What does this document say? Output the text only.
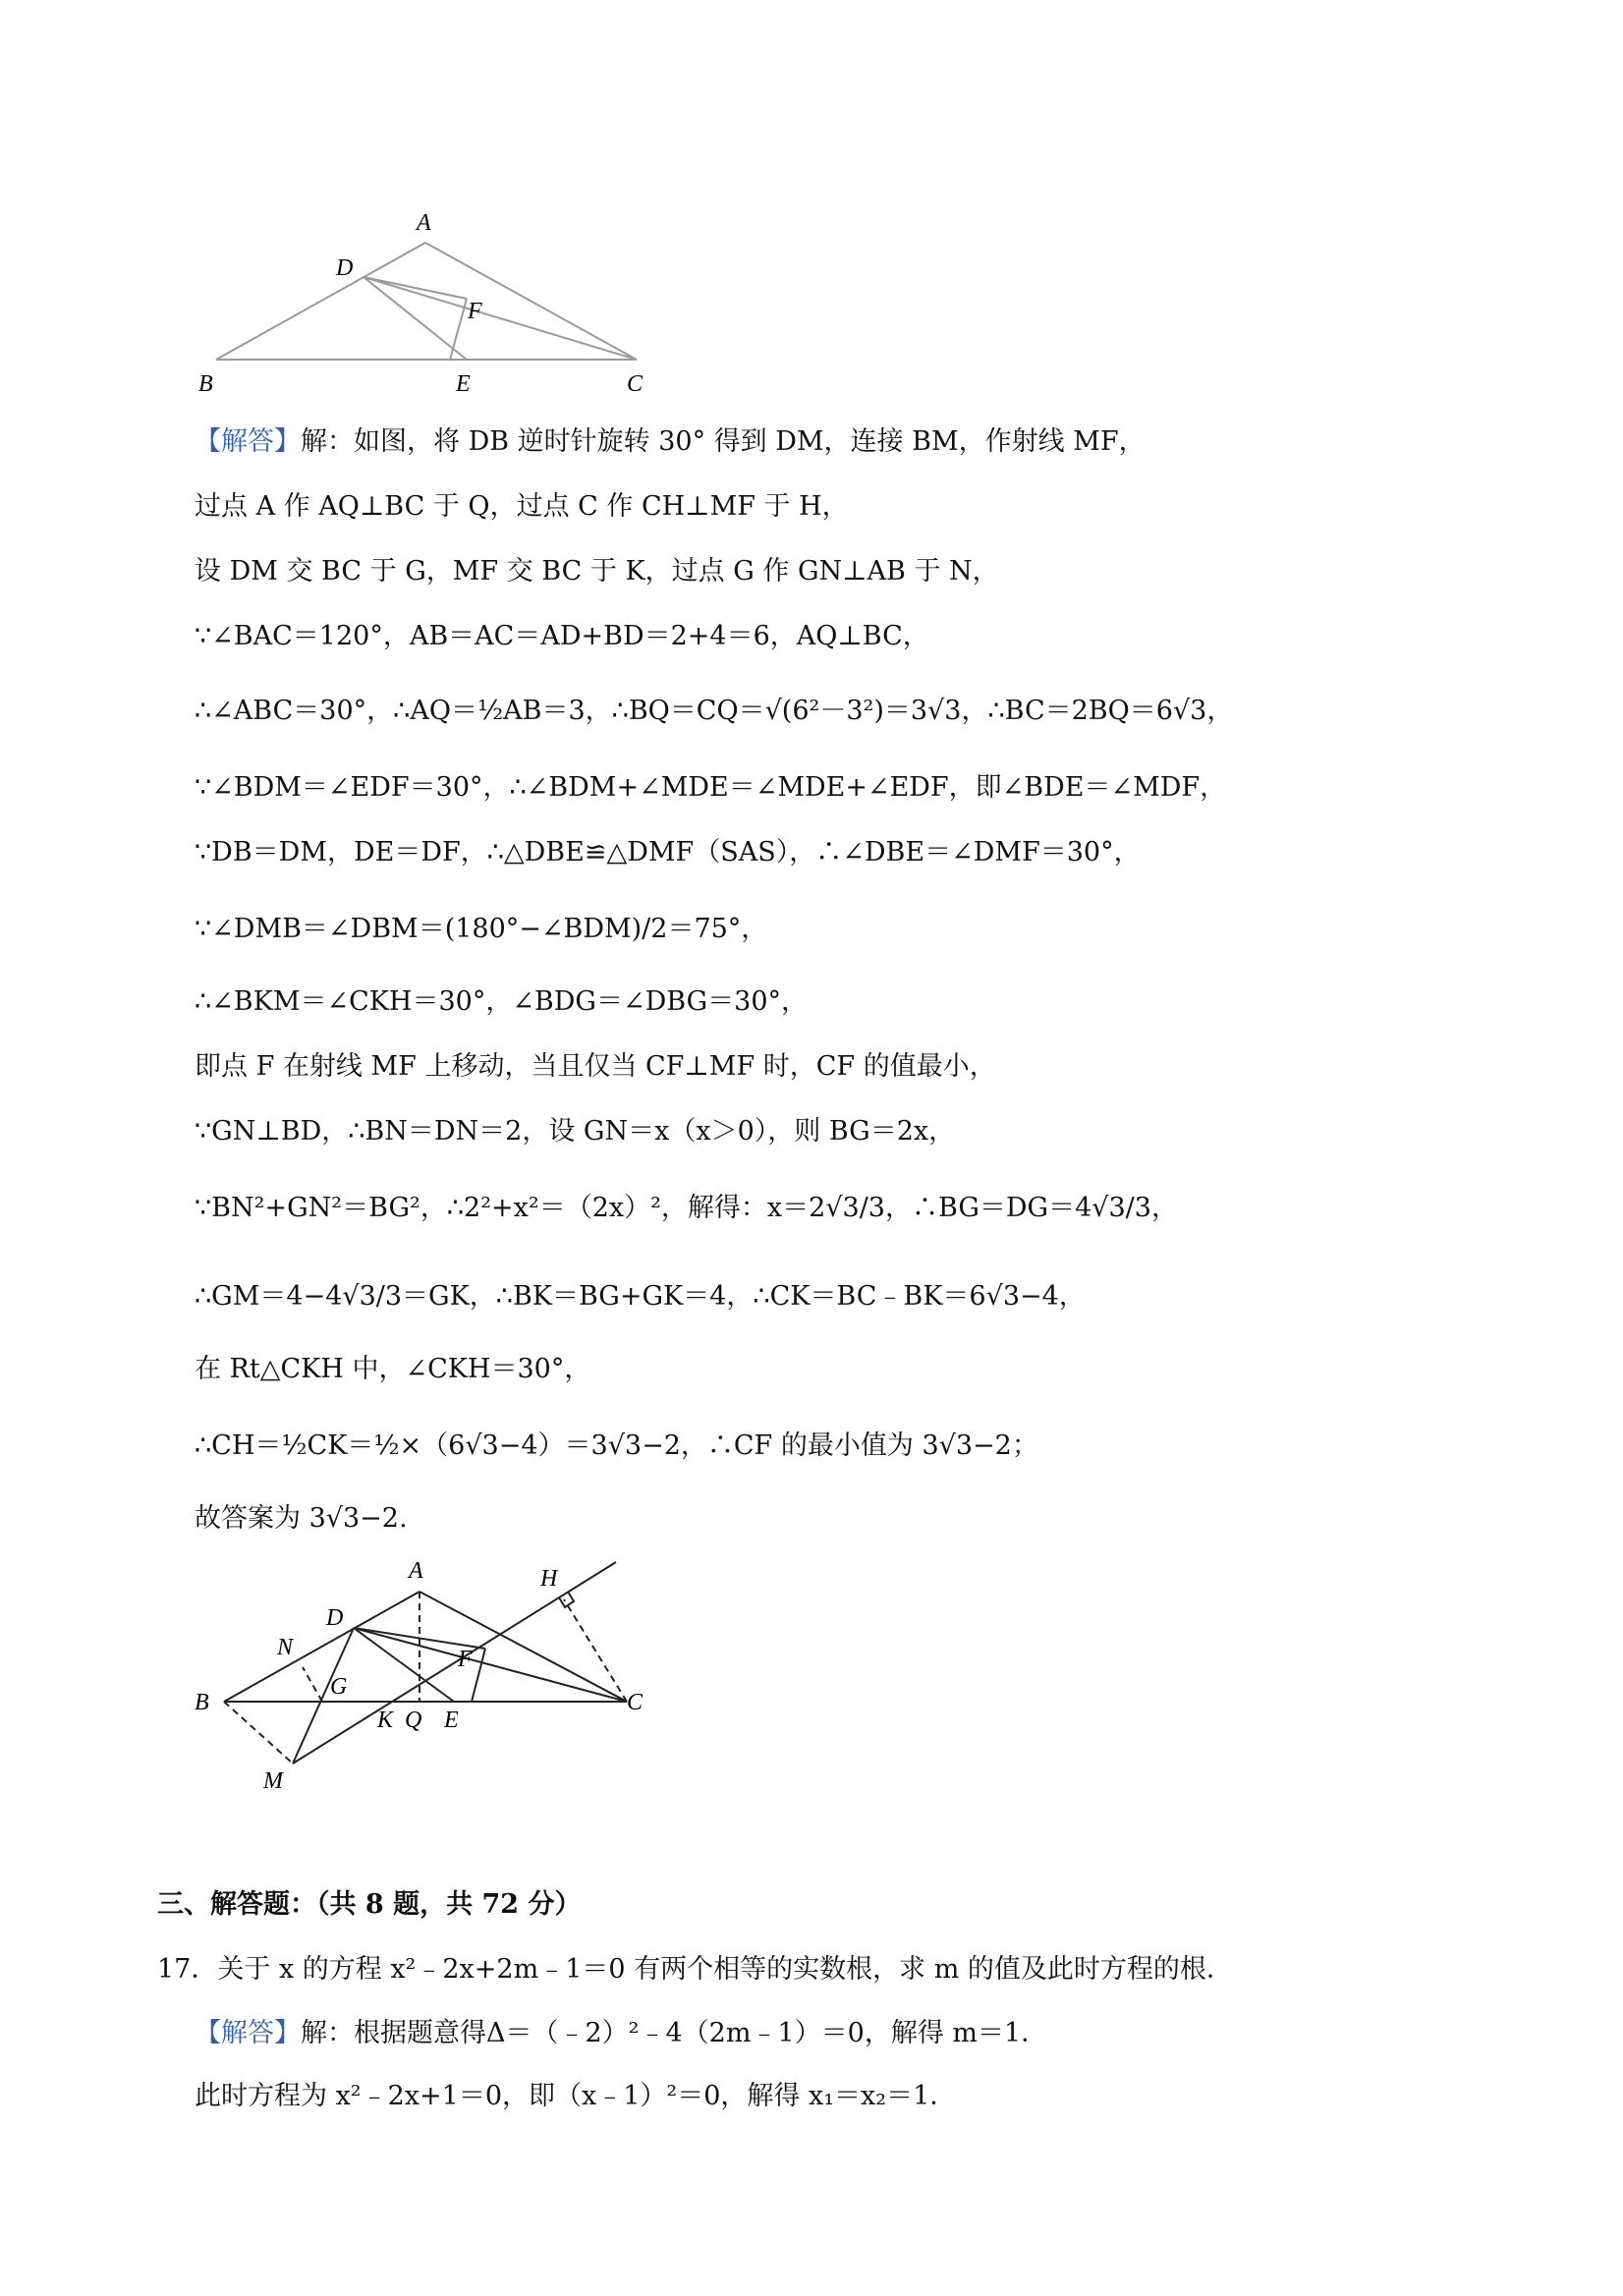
A
D
F
B	E	C
【解答】解：如图，将 DB 逆时针旋转 30° 得到 DM，连接 BM，作射线 MF，
过点 A 作 AQ⊥BC 于 Q，过点 C 作 CH⊥MF 于 H，
设 DM 交 BC 于 G，MF 交 BC 于 K，过点 G 作 GN⊥AB 于 N，
∵∠BAC＝120°，AB＝AC＝AD+BD＝2+4＝6，AQ⊥BC，
∴∠ABC＝30°，∴AQ＝½AB＝3，∴BQ＝CQ＝√(6²－3²)＝3√3，∴BC＝2BQ＝6√3，
∵∠BDM＝∠EDF＝30°，∴∠BDM+∠MDE＝∠MDE+∠EDF，即∠BDE＝∠MDF，
∵DB＝DM，DE＝DF，∴△DBE≌△DMF（SAS），∴∠DBE＝∠DMF＝30°，
∵∠DMB＝∠DBM＝(180°−∠BDM)/2＝75°，
∴∠BKM＝∠CKH＝30°，∠BDG＝∠DBG＝30°，
即点 F 在射线 MF 上移动，当且仅当 CF⊥MF 时，CF 的值最小，
∵GN⊥BD，∴BN＝DN＝2，设 GN＝x（x＞0），则 BG＝2x，
∵BN²+GN²＝BG²，∴2²+x²＝（2x）²，解得：x＝2√3/3，∴BG＝DG＝4√3/3，
∴GM＝4−4√3/3＝GK，∴BK＝BG+GK＝4，∴CK＝BC﹣BK＝6√3−4，
在 Rt△CKH 中，∠CKH＝30°，
∴CH＝½CK＝½×（6√3−4）＝3√3−2，∴CF 的最小值为 3√3−2；
故答案为 3√3−2.
A	H
D
N	F
G
B	C
K Q E
M
三、解答题：（共 8 题，共 72 分）
17．关于 x 的方程 x²﹣2x+2m﹣1＝0 有两个相等的实数根，求 m 的值及此时方程的根．
【解答】解：根据题意得Δ＝（﹣2）²﹣4（2m﹣1）＝0，解得 m＝1．
此时方程为 x²﹣2x+1＝0，即（x﹣1）²＝0，解得 x₁＝x₂＝1．
